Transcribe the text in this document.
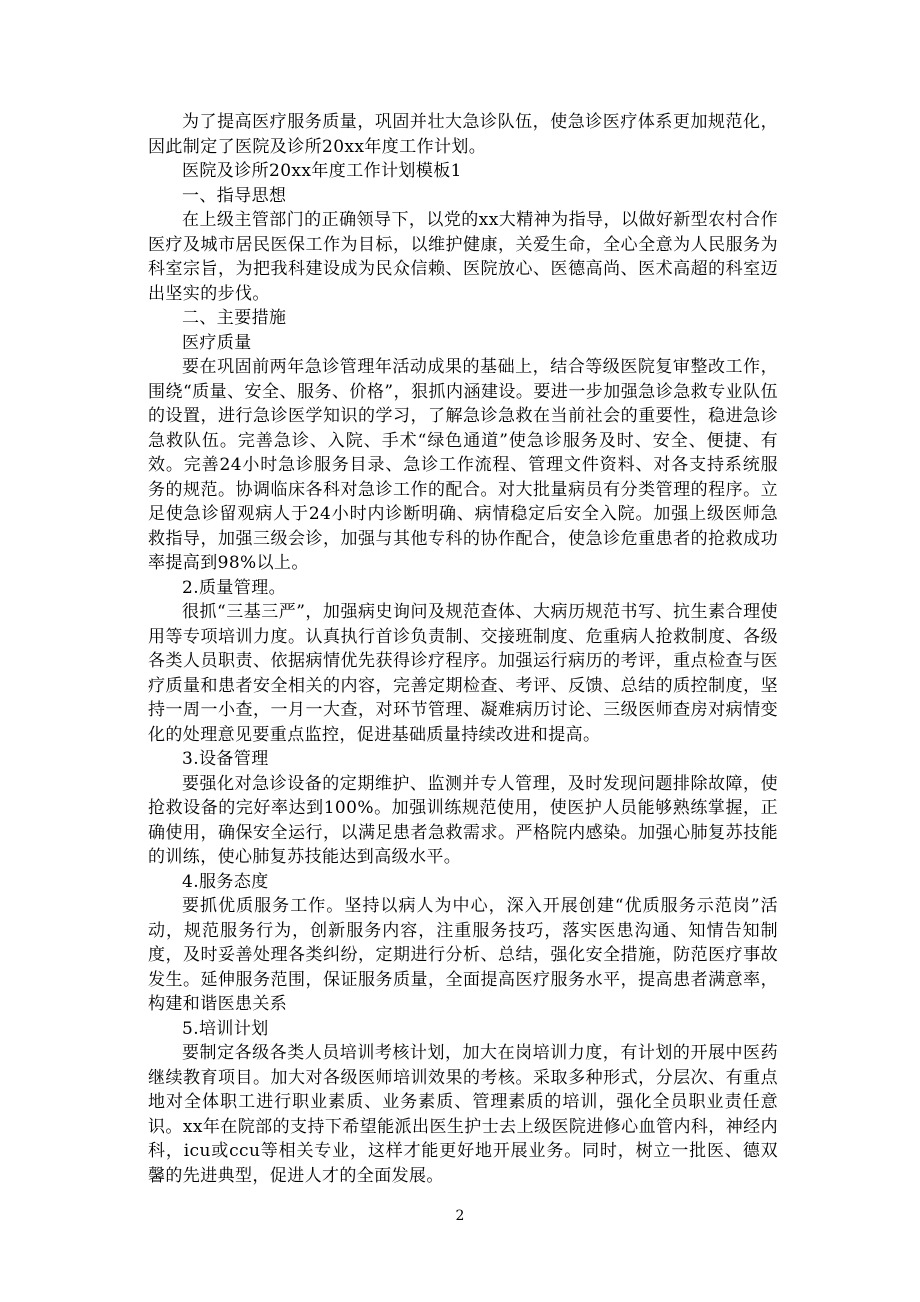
为了提高医疗服务质量，巩固并壮大急诊队伍，使急诊医疗体系更加规范化，因此制定了医院及诊所20xx年度工作计划。

医院及诊所20xx年度工作计划模板1

一、指导思想

在上级主管部门的正确领导下，以党的xx大精神为指导，以做好新型农村合作医疗及城市居民医保工作为目标，以维护健康，关爱生命，全心全意为人民服务为科室宗旨，为把我科建设成为民众信赖、医院放心、医德高尚、医术高超的科室迈出坚实的步伐。

二、主要措施

医疗质量

要在巩固前两年急诊管理年活动成果的基础上，结合等级医院复审整改工作，围绕“质量、安全、服务、价格”，狠抓内涵建设。要进一步加强急诊急救专业队伍的设置，进行急诊医学知识的学习，了解急诊急救在当前社会的重要性，稳进急诊急救队伍。完善急诊、入院、手术“绿色通道”使急诊服务及时、安全、便捷、有效。完善24小时急诊服务目录、急诊工作流程、管理文件资料、对各支持系统服务的规范。协调临床各科对急诊工作的配合。对大批量病员有分类管理的程序。立足使急诊留观病人于24小时内诊断明确、病情稳定后安全入院。加强上级医师急救指导，加强三级会诊，加强与其他专科的协作配合，使急诊危重患者的抢救成功率提高到98%以上。

2.质量管理。

很抓“三基三严”，加强病史询问及规范查体、大病历规范书写、抗生素合理使用等专项培训力度。认真执行首诊负责制、交接班制度、危重病人抢救制度、各级各类人员职责、依据病情优先获得诊疗程序。加强运行病历的考评，重点检查与医疗质量和患者安全相关的内容，完善定期检查、考评、反馈、总结的质控制度，坚持一周一小查，一月一大查，对环节管理、凝难病历讨论、三级医师查房对病情变化的处理意见要重点监控，促进基础质量持续改进和提高。

3.设备管理

要强化对急诊设备的定期维护、监测并专人管理，及时发现问题排除故障，使抢救设备的完好率达到100%。加强训练规范使用，使医护人员能够熟练掌握，正确使用，确保安全运行，以满足患者急救需求。严格院内感染。加强心肺复苏技能的训练，使心肺复苏技能达到高级水平。

4.服务态度

要抓优质服务工作。坚持以病人为中心，深入开展创建“优质服务示范岗”活动，规范服务行为，创新服务内容，注重服务技巧，落实医患沟通、知情告知制度，及时妥善处理各类纠纷，定期进行分析、总结，强化安全措施，防范医疗事故发生。延伸服务范围，保证服务质量，全面提高医疗服务水平，提高患者满意率，构建和谐医患关系

5.培训计划

要制定各级各类人员培训考核计划，加大在岗培训力度，有计划的开展中医药继续教育项目。加大对各级医师培训效果的考核。采取多种形式，分层次、有重点地对全体职工进行职业素质、业务素质、管理素质的培训，强化全员职业责任意识。xx年在院部的支持下希望能派出医生护士去上级医院进修心血管内科，神经内科，icu或ccu等相关专业，这样才能更好地开展业务。同时，树立一批医、德双馨的先进典型，促进人才的全面发展。

2
